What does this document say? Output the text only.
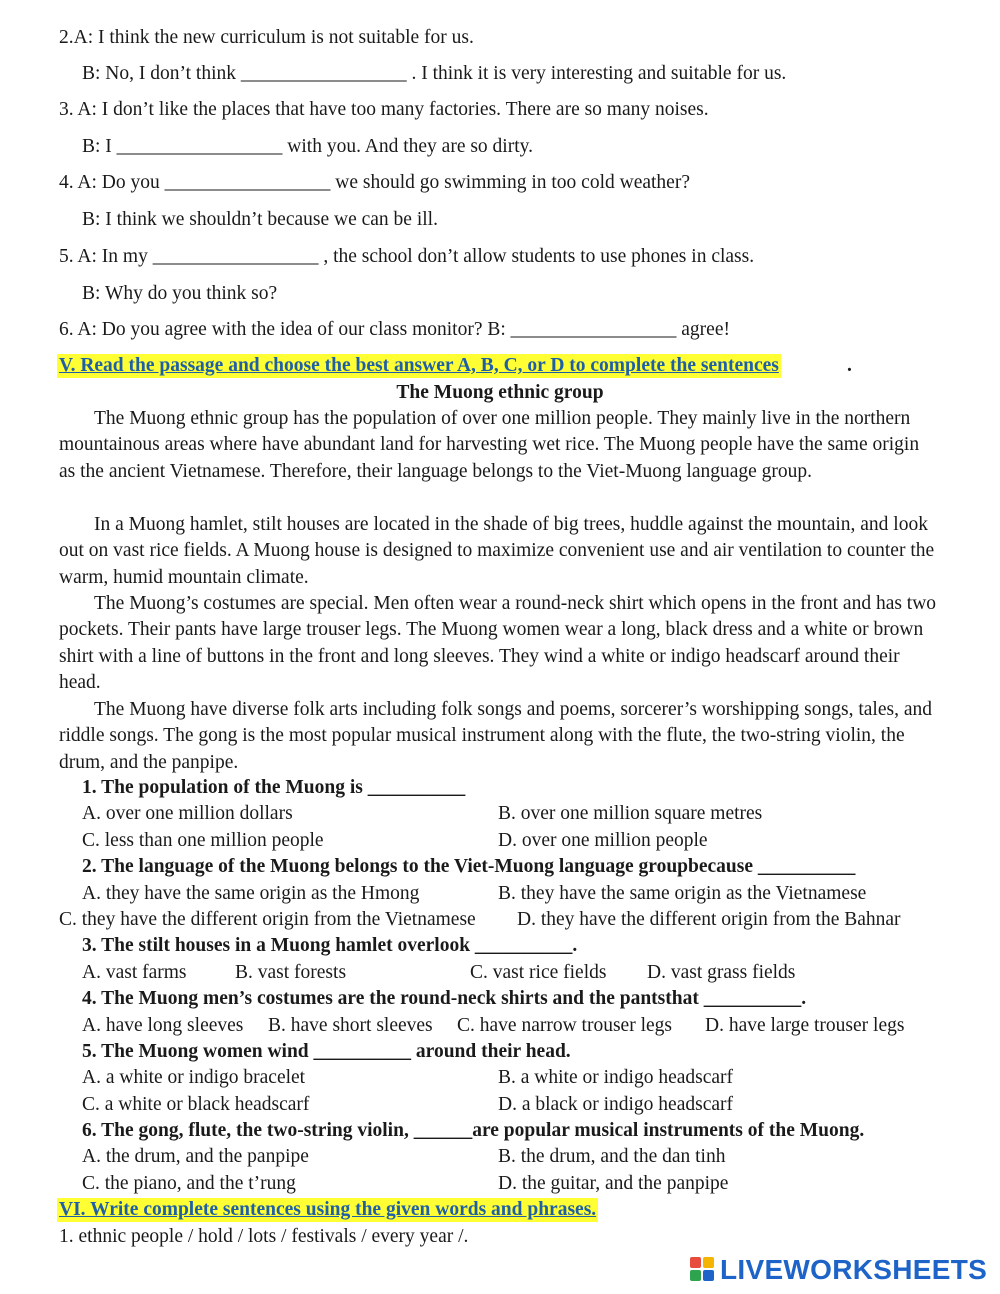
2.A: I think the new curriculum is not suitable for us.
B: No, I don’t think _________________ . I think it is very interesting and suitable for us.
3. A: I don’t like the places that have too many factories. There are so many noises.
B: I _________________ with you. And they are so dirty.
4. A: Do you _________________ we should go swimming in too cold weather?
B: I think we shouldn’t because we can be ill.
5. A: In my _________________ , the school don’t allow students to use phones in class.
B: Why do you think so?
6. A: Do you agree with the idea of our class monitor? B: _________________ agree!
V. Read the passage and choose the best answer A, B, C, or D to complete the sentences	.
The Muong ethnic group

The Muong ethnic group has the population of over one million people. They mainly live in the northern mountainous areas where have abundant land for harvesting wet rice. The Muong people have the same origin as the ancient Vietnamese. Therefore, their language belongs to the Viet-Muong language group.

In a Muong hamlet, stilt houses are located in the shade of big trees, huddle against the mountain, and look out on vast rice fields. A Muong house is designed to maximize convenient use and air ventilation to counter the warm, humid mountain climate.

The Muong’s costumes are special. Men often wear a round-neck shirt which opens in the front and has two pockets. Their pants have large trouser legs. The Muong women wear a long, black dress and a white or brown shirt with a line of buttons in the front and long sleeves. They wind a white or indigo headscarf around their head.

The Muong have diverse folk arts including folk songs and poems, sorcerer’s worshipping songs, tales, and riddle songs. The gong is the most popular musical instrument along with the flute, the two-string violin, the drum, and the panpipe.

1. The population of the Muong is __________
A. over one million dollars	B. over one million square metres
C. less than one million people	D. over one million people
2. The language of the Muong belongs to the Viet-Muong language groupbecause __________
A. they have the same origin as the Hmong	B. they have the same origin as the Vietnamese
C. they have the different origin from the Vietnamese D. they have the different origin from the Bahnar
3. The stilt houses in a Muong hamlet overlook __________.
A. vast farms B. vast forests	C. vast rice fields D. vast grass fields
4. The Muong men’s costumes are the round-neck shirts and the pantsthat __________.
A. have long sleeves B. have short sleeves C. have narrow trouser legs D. have large trouser legs
5. The Muong women wind __________ around their head.
A. a white or indigo bracelet	B. a white or indigo headscarf
C. a white or black headscarf	D. a black or indigo headscarf
6. The gong, flute, the two-string violin, ______are popular musical instruments of the Muong.
A. the drum, and the panpipe	B. the drum, and the dan tinh
C. the piano, and the t’rung	D. the guitar, and the panpipe
VI. Write complete sentences using the given words and phrases.
1. ethnic people / hold / lots / festivals / every year /.
LIVEWORKSHEETS
